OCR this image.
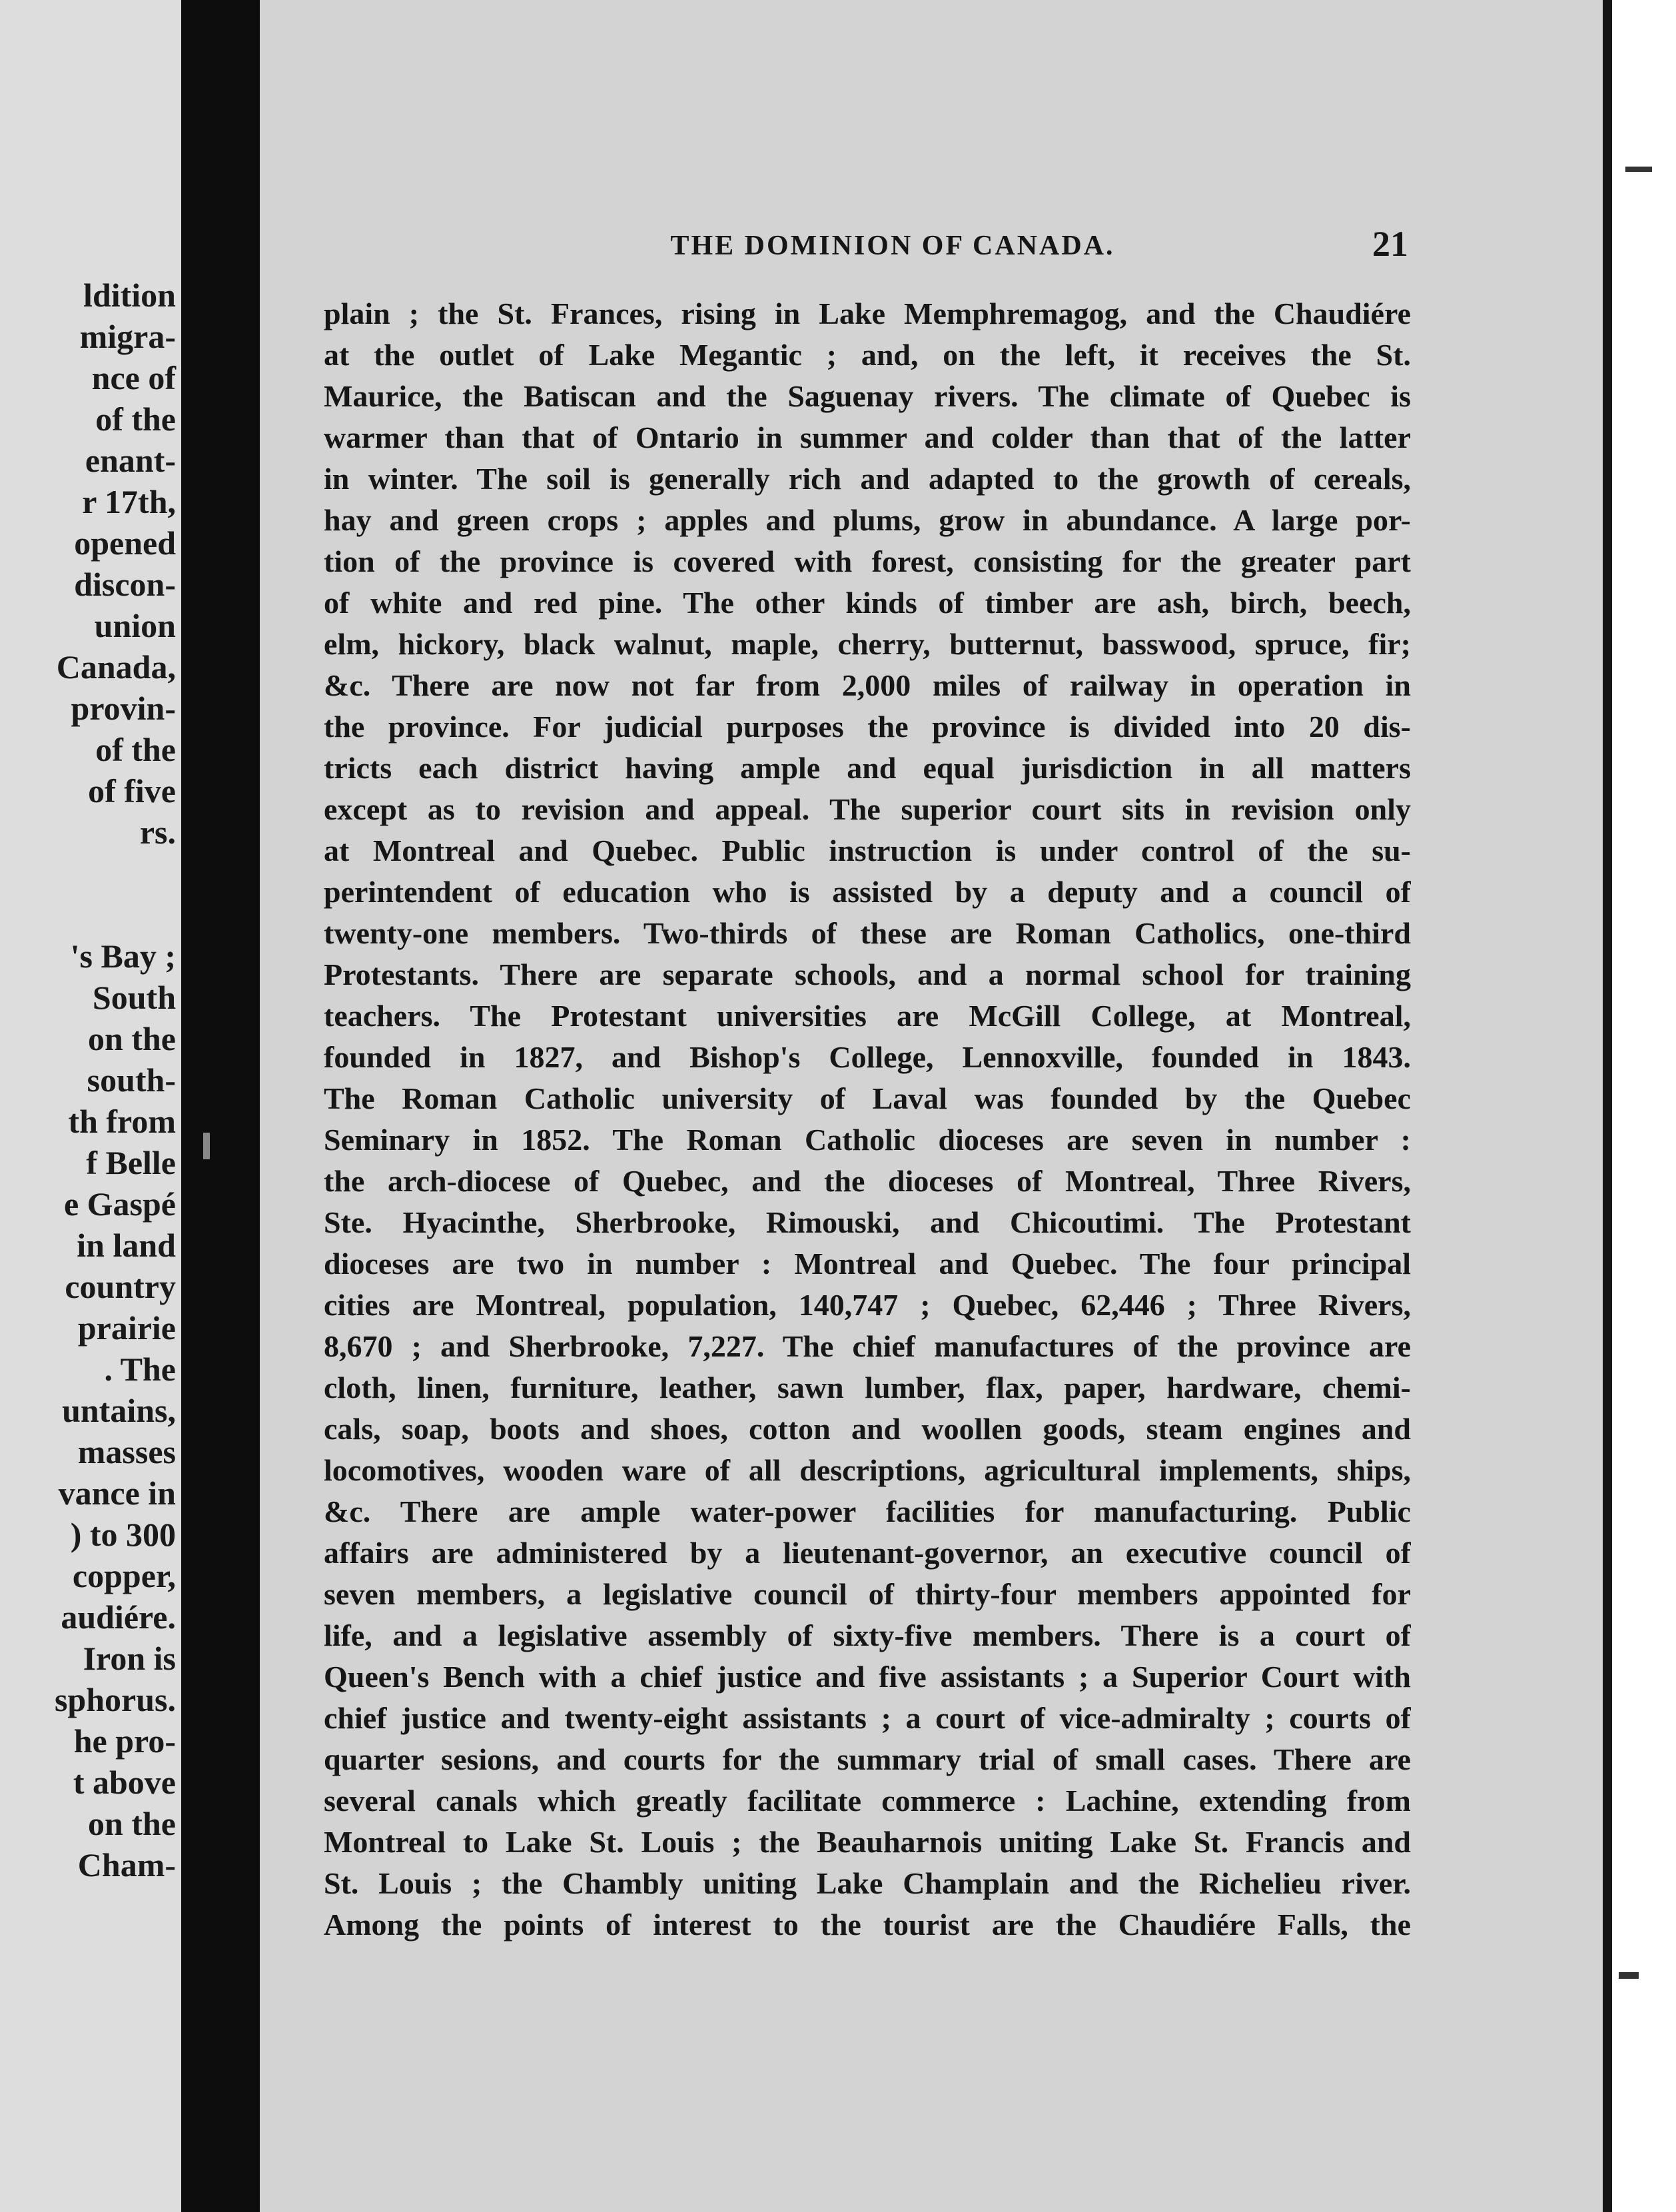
ldition
migra-
nce of
of the
enant-
r 17th,
opened
discon-
union
Canada,
provin-
of the
of five
rs.
's Bay ;
South
on the
south-
th from
f Belle
e Gaspé
in land
country
prairie
. The
untains,
masses
vance in
) to 300
copper,
audiére.
Iron is
sphorus.
he pro-
t above
on the
Cham-
THE DOMINION OF CANADA.	21
plain ; the St. Frances, rising in Lake Memphremagog, and the Chaudiére
at the outlet of Lake Megantic ; and, on the left, it receives the St.
Maurice, the Batiscan and the Saguenay rivers. The climate of Quebec is
warmer than that of Ontario in summer and colder than that of the latter
in winter. The soil is generally rich and adapted to the growth of cereals,
hay and green crops ; apples and plums, grow in abundance. A large por-
tion of the province is covered with forest, consisting for the greater part
of white and red pine. The other kinds of timber are ash, birch, beech,
elm, hickory, black walnut, maple, cherry, butternut, basswood, spruce, fir;
&c. There are now not far from 2,000 miles of railway in operation in
the province. For judicial purposes the province is divided into 20 dis-
tricts each district having ample and equal jurisdiction in all matters
except as to revision and appeal. The superior court sits in revision only
at Montreal and Quebec. Public instruction is under control of the su-
perintendent of education who is assisted by a deputy and a council of
twenty-one members. Two-thirds of these are Roman Catholics, one-third
Protestants. There are separate schools, and a normal school for training
teachers. The Protestant universities are McGill College, at Montreal,
founded in 1827, and Bishop's College, Lennoxville, founded in 1843.
The Roman Catholic university of Laval was founded by the Quebec
Seminary in 1852. The Roman Catholic dioceses are seven in number :
the arch-diocese of Quebec, and the dioceses of Montreal, Three Rivers,
Ste. Hyacinthe, Sherbrooke, Rimouski, and Chicoutimi. The Protestant
dioceses are two in number : Montreal and Quebec. The four principal
cities are Montreal, population, 140,747 ; Quebec, 62,446 ; Three Rivers,
8,670 ; and Sherbrooke, 7,227. The chief manufactures of the province are
cloth, linen, furniture, leather, sawn lumber, flax, paper, hardware, chemi-
cals, soap, boots and shoes, cotton and woollen goods, steam engines and
locomotives, wooden ware of all descriptions, agricultural implements, ships,
&c. There are ample water-power facilities for manufacturing. Public
affairs are administered by a lieutenant-governor, an executive council of
seven members, a legislative council of thirty-four members appointed for
life, and a legislative assembly of sixty-five members. There is a court of
Queen's Bench with a chief justice and five assistants ; a Superior Court with
chief justice and twenty-eight assistants ; a court of vice-admiralty ; courts of
quarter sesions, and courts for the summary trial of small cases. There are
several canals which greatly facilitate commerce : Lachine, extending from
Montreal to Lake St. Louis ; the Beauharnois uniting Lake St. Francis and
St. Louis ; the Chambly uniting Lake Champlain and the Richelieu river.
Among the points of interest to the tourist are the Chaudiére Falls, the
